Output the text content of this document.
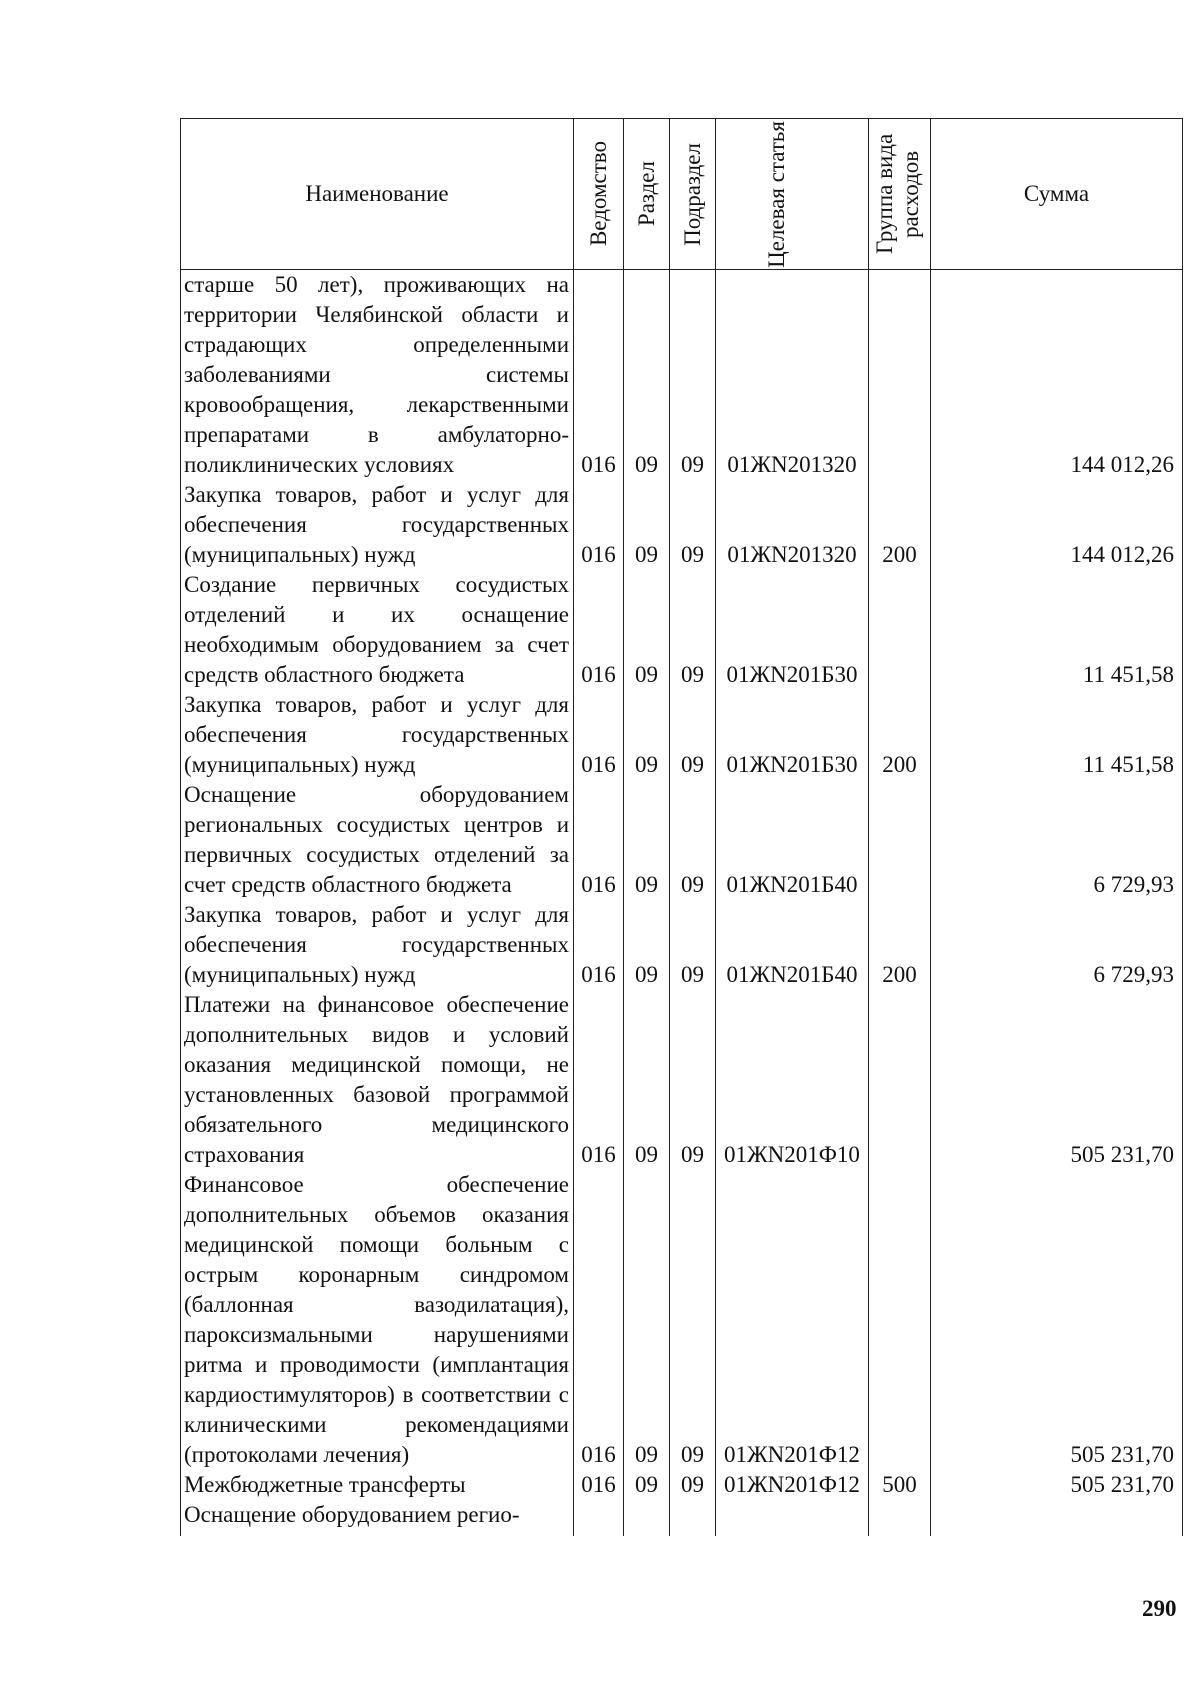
Наименование	Ведомство	Раздел	Подраздел	Целевая статья	Группа вида расходов	Сумма

старше 50 лет), проживающих на территории Челябинской области и страдающих определенными заболеваниями системы кровообращения, лекарственными препаратами в амбулаторно-поликлинических условиях	016	09	09	01ЖN201320		144 012,26
Закупка товаров, работ и услуг для обеспечения государственных (муниципальных) нужд	016	09	09	01ЖN201320	200	144 012,26
Создание первичных сосудистых отделений и их оснащение необходимым оборудованием за счет средств областного бюджета	016	09	09	01ЖN201Б30		11 451,58
Закупка товаров, работ и услуг для обеспечения государственных (муниципальных) нужд	016	09	09	01ЖN201Б30	200	11 451,58
Оснащение оборудованием региональных сосудистых центров и первичных сосудистых отделений за счет средств областного бюджета	016	09	09	01ЖN201Б40		6 729,93
Закупка товаров, работ и услуг для обеспечения государственных (муниципальных) нужд	016	09	09	01ЖN201Б40	200	6 729,93
Платежи на финансовое обеспечение дополнительных видов и условий оказания медицинской помощи, не установленных базовой программой обязательного медицинского страхования	016	09	09	01ЖN201Ф10		505 231,70
Финансовое обеспечение дополнительных объемов оказания медицинской помощи больным с острым коронарным синдромом (баллонная вазодилатация), пароксизмальными нарушениями ритма и проводимости (имплантация кардиостимуляторов) в соответствии с клиническими рекомендациями (протоколами лечения)	016	09	09	01ЖN201Ф12		505 231,70
Межбюджетные трансферты	016	09	09	01ЖN201Ф12	500	505 231,70
Оснащение оборудованием регио-						
290
